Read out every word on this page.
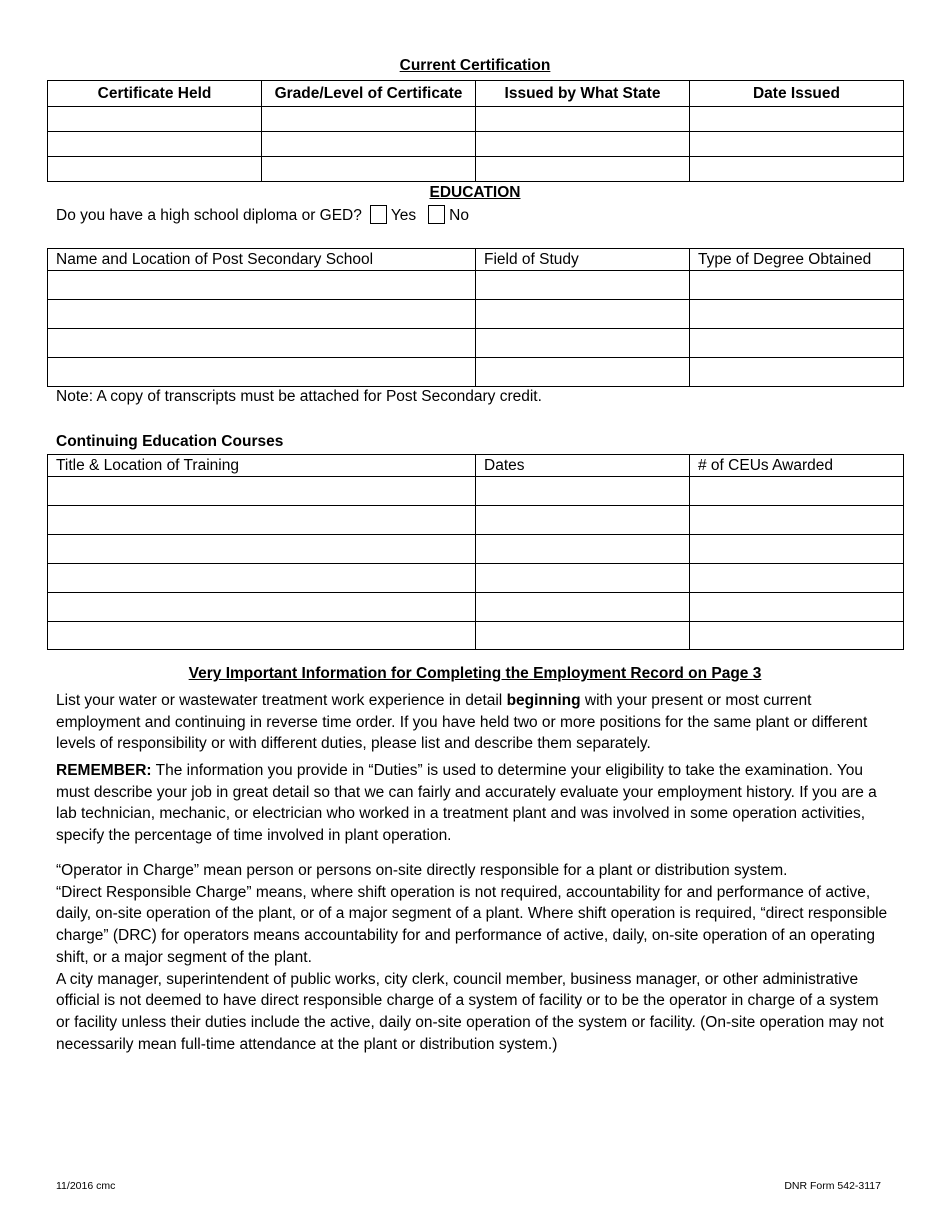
Current Certification
Certificate Held	Grade/Level of Certificate	Issued by What State	Date Issued

EDUCATION
Do you have a high school diploma or GED? Yes No
Name and Location of Post Secondary School	Field of Study	Type of Degree Obtained

Note: A copy of transcripts must be attached for Post Secondary credit.
Continuing Education Courses
Title & Location of Training	Dates	# of CEUs Awarded

Very Important Information for Completing the Employment Record on Page 3

List your water or wastewater treatment work experience in detail beginning with your present or most current employment and continuing in reverse time order. If you have held two or more positions for the same plant or different levels of responsibility or with different duties, please list and describe them separately.

REMEMBER: The information you provide in “Duties” is used to determine your eligibility to take the examination. You must describe your job in great detail so that we can fairly and accurately evaluate your employment history. If you are a lab technician, mechanic, or electrician who worked in a treatment plant and was involved in some operation activities, specify the percentage of time involved in plant operation.

“Operator in Charge” mean person or persons on-site directly responsible for a plant or distribution system.

“Direct Responsible Charge” means, where shift operation is not required, accountability for and performance of active, daily, on-site operation of the plant, or of a major segment of a plant. Where shift operation is required, “direct responsible charge” (DRC) for operators means accountability for and performance of active, daily, on-site operation of an operating shift, or a major segment of the plant.

A city manager, superintendent of public works, city clerk, council member, business manager, or other administrative official is not deemed to have direct responsible charge of a system of facility or to be the operator in charge of a system or facility unless their duties include the active, daily on-site operation of the system or facility. (On-site operation may not necessarily mean full-time attendance at the plant or distribution system.)

11/2016 cmc	DNR Form 542-3117
